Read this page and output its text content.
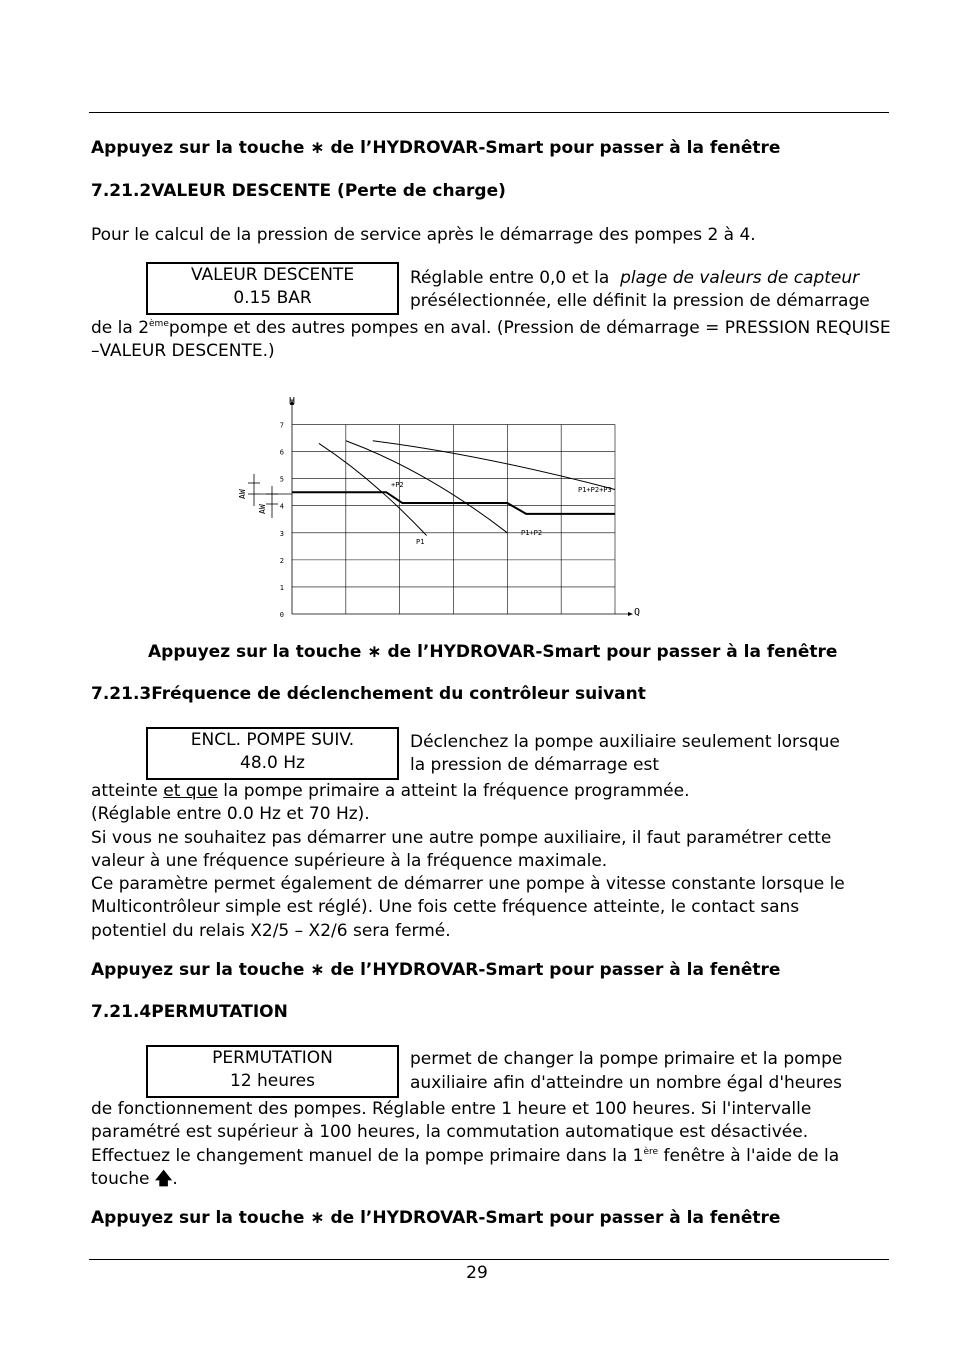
Appuyez sur la touche ∗ de l’HYDROVAR-Smart pour passer à la fenêtre
7.21.2VALEUR DESCENTE (Perte de charge)
Pour le calcul de la pression de service après le démarrage des pompes 2 à 4.
VALEUR DESCENTE
0.15 BAR
Réglable entre 0,0 et la plage de valeurs de capteur
présélectionnée, elle définit la pression de démarrage
de la 2èmepompe et des autres pompes en aval. (Pression de démarrage = PRESSION REQUISE
–VALEUR DESCENTE.)
0
1
2
3
4
5
6
7
H
Q
+P2
P1
P1+P2
P1+P2+P3
AW
AW
Appuyez sur la touche ∗ de l’HYDROVAR-Smart pour passer à la fenêtre
7.21.3Fréquence de déclenchement du contrôleur suivant
ENCL. POMPE SUIV.
48.0 Hz
Déclenchez la pompe auxiliaire seulement lorsque
la pression de démarrage est
atteinte et que la pompe primaire a atteint la fréquence programmée.
(Réglable entre 0.0 Hz et 70 Hz).
Si vous ne souhaitez pas démarrer une autre pompe auxiliaire, il faut paramétrer cette
valeur à une fréquence supérieure à la fréquence maximale.
Ce paramètre permet également de démarrer une pompe à vitesse constante lorsque le
Multicontrôleur simple est réglé). Une fois cette fréquence atteinte, le contact sans
potentiel du relais X2/5 – X2/6 sera fermé.
Appuyez sur la touche ∗ de l’HYDROVAR-Smart pour passer à la fenêtre
7.21.4PERMUTATION
PERMUTATION
12 heures
permet de changer la pompe primaire et la pompe
auxiliaire afin d'atteindre un nombre égal d'heures
de fonctionnement des pompes. Réglable entre 1 heure et 100 heures. Si l'intervalle
paramétré est supérieur à 100 heures, la commutation automatique est désactivée.
Effectuez le changement manuel de la pompe primaire dans la 1ère fenêtre à l'aide de la
touche 🡅.
Appuyez sur la touche ∗ de l’HYDROVAR-Smart pour passer à la fenêtre
29
